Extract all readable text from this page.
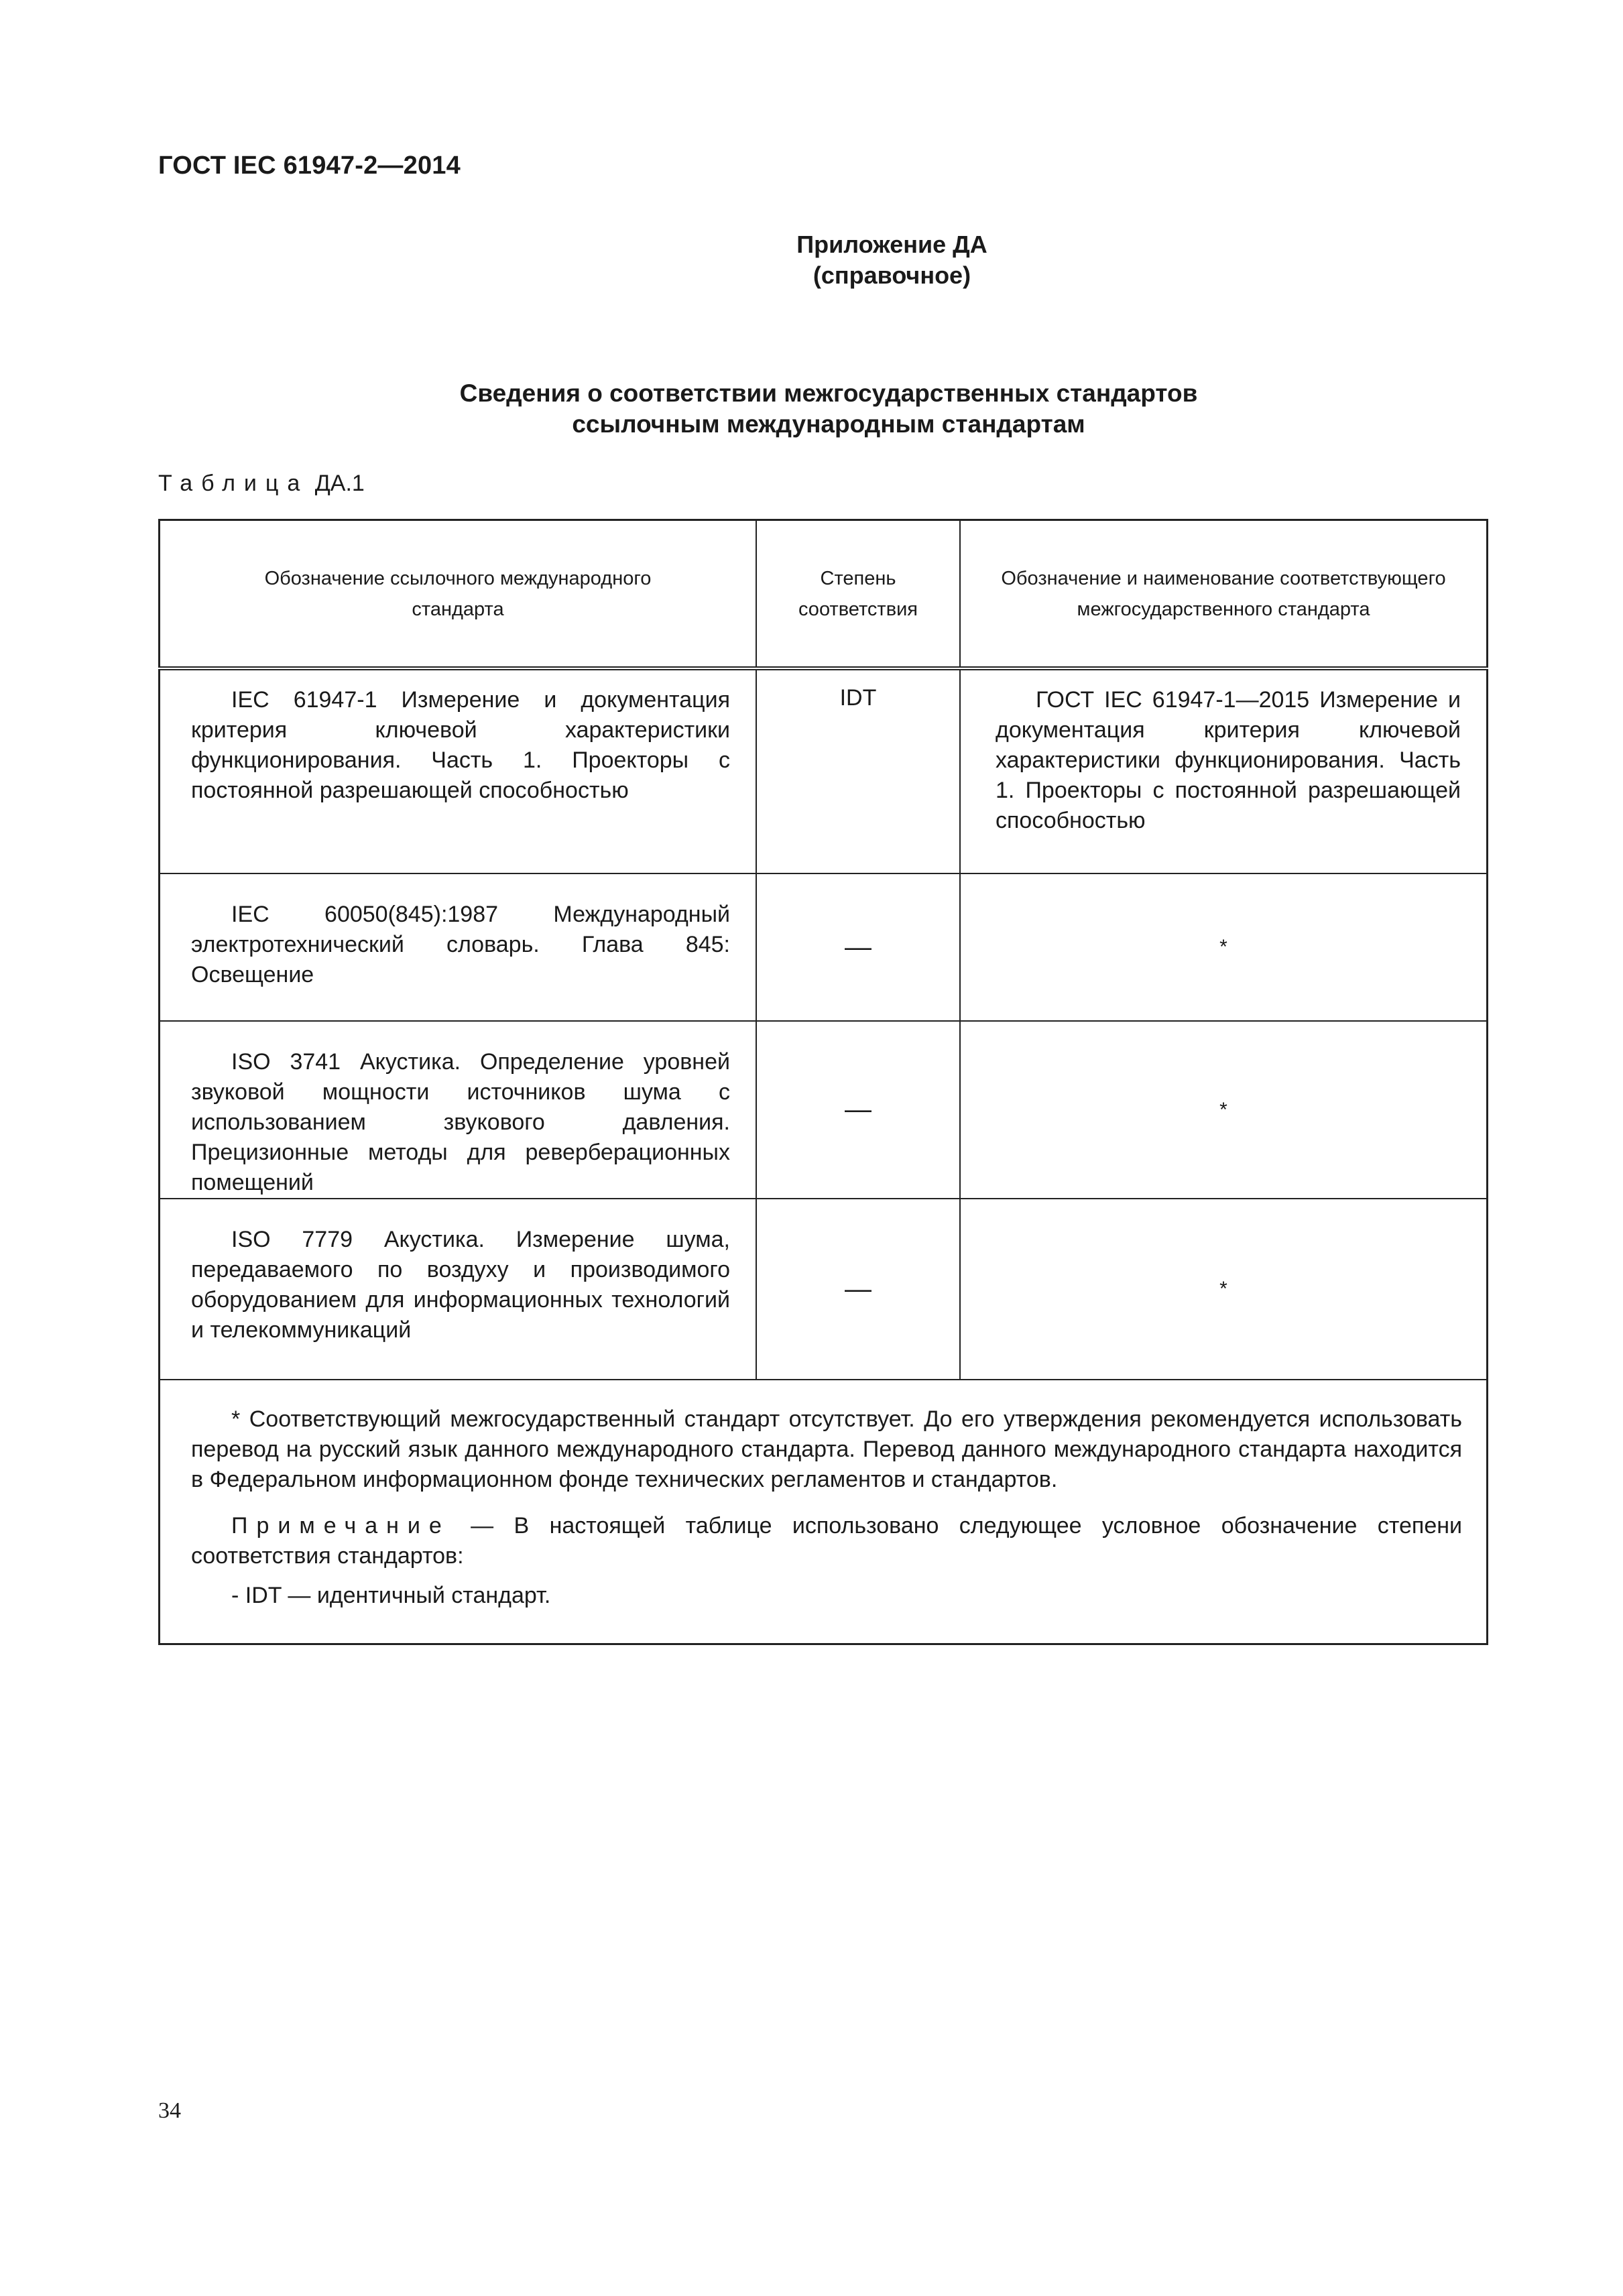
ГОСТ IEC 61947-2—2014
Приложение ДА
(справочное)
Сведения о соответствии межгосударственных стандартов
ссылочным международным стандартам
Таблица ДА.1
Обозначение ссылочного международного стандарта	Степень соответствия	Обозначение и наименование соответствующего межгосударственного стандарта

IEC 61947-1 Измерение и документация критерия ключевой характеристики функционирования. Часть 1. Проекторы с постоянной разрешающей способностью	IDT	ГОСТ IEC 61947-1—2015 Измерение и документация критерия ключевой характеристики функционирования. Часть 1. Проекторы с постоянной разрешающей способностью

IEC 60050(845):1987 Международный электротехнический словарь. Глава 845: Освещение	—	*

ISO 3741 Акустика. Определение уровней звуковой мощности источников шума с использованием звукового давления. Прецизионные методы для реверберационных помещений	—	*

ISO 7779 Акустика. Измерение шума, передаваемого по воздуху и производимого оборудованием для информационных технологий и телекоммуникаций	—	*

* Соответствующий межгосударственный стандарт отсутствует. До его утверждения рекомендуется использовать перевод на русский язык данного международного стандарта. Перевод данного международного стандарта находится в Федеральном информационном фонде технических регламентов и стандартов.

Примечание — В настоящей таблице использовано следующее условное обозначение степени соответствия стандартов:

- IDT — идентичный стандарт.		

34
